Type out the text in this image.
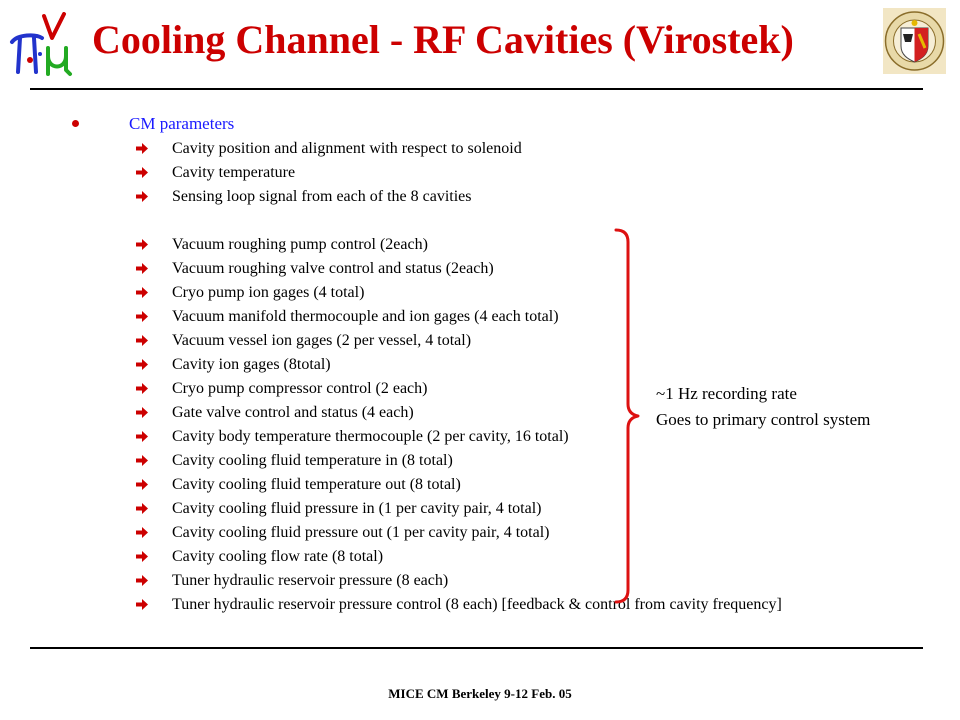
Cooling Channel - RF Cavities (Virostek)
CM parameters
Cavity position and alignment with respect to solenoid
Cavity temperature
Sensing loop signal from each of the 8 cavities
Vacuum roughing pump control (2each)
Vacuum roughing valve control and status (2each)
Cryo pump ion gages (4 total)
Vacuum manifold thermocouple and ion gages (4 each total)
Vacuum vessel ion gages (2 per vessel, 4 total)
Cavity ion gages (8total)
Cryo pump compressor control (2 each)
Gate valve control and status (4 each)
Cavity body temperature thermocouple (2 per cavity, 16 total)
Cavity cooling fluid temperature in (8 total)
Cavity cooling fluid temperature out (8 total)
Cavity cooling fluid pressure in (1 per cavity pair, 4 total)
Cavity cooling fluid pressure out (1 per cavity pair, 4 total)
Cavity cooling flow rate (8 total)
Tuner hydraulic reservoir pressure (8 each)
Tuner hydraulic reservoir pressure control (8 each) [feedback & control from cavity frequency]
~1 Hz recording rate
Goes to primary control system
MICE CM Berkeley 9-12 Feb. 05
